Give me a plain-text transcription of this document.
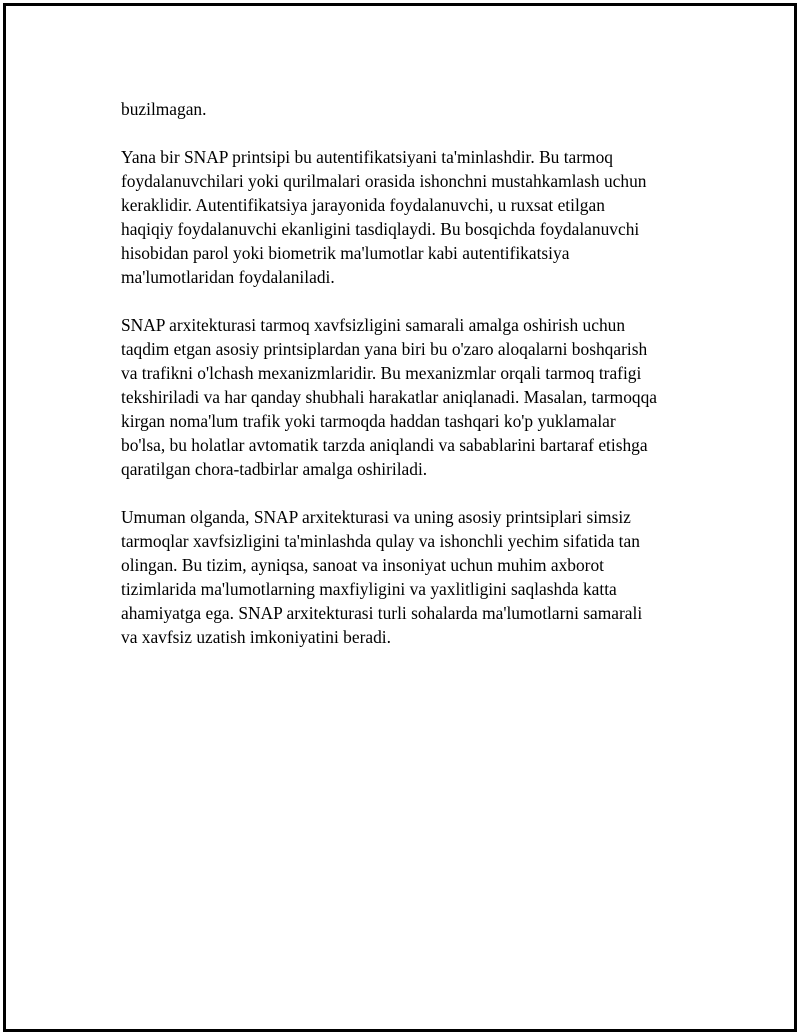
buzilmagan.

Yana bir SNAP printsipi bu autentifikatsiyani ta'minlashdir. Bu tarmoq
foydalanuvchilari yoki qurilmalari orasida ishonchni mustahkamlash uchun
keraklidir. Autentifikatsiya jarayonida foydalanuvchi, u ruxsat etilgan
haqiqiy foydalanuvchi ekanligini tasdiqlaydi. Bu bosqichda foydalanuvchi
hisobidan parol yoki biometrik ma'lumotlar kabi autentifikatsiya
ma'lumotlaridan foydalaniladi.

SNAP arxitekturasi tarmoq xavfsizligini samarali amalga oshirish uchun
taqdim etgan asosiy printsiplardan yana biri bu o'zaro aloqalarni boshqarish
va trafikni o'lchash mexanizmlaridir. Bu mexanizmlar orqali tarmoq trafigi
tekshiriladi va har qanday shubhali harakatlar aniqlanadi. Masalan, tarmoqqa
kirgan noma'lum trafik yoki tarmoqda haddan tashqari ko'p yuklamalar
bo'lsa, bu holatlar avtomatik tarzda aniqlandi va sabablarini bartaraf etishga
qaratilgan chora-tadbirlar amalga oshiriladi.

Umuman olganda, SNAP arxitekturasi va uning asosiy printsiplari simsiz
tarmoqlar xavfsizligini ta'minlashda qulay va ishonchli yechim sifatida tan
olingan. Bu tizim, ayniqsa, sanoat va insoniyat uchun muhim axborot
tizimlarida ma'lumotlarning maxfiyligini va yaxlitligini saqlashda katta
ahamiyatga ega. SNAP arxitekturasi turli sohalarda ma'lumotlarni samarali
va xavfsiz uzatish imkoniyatini beradi.
